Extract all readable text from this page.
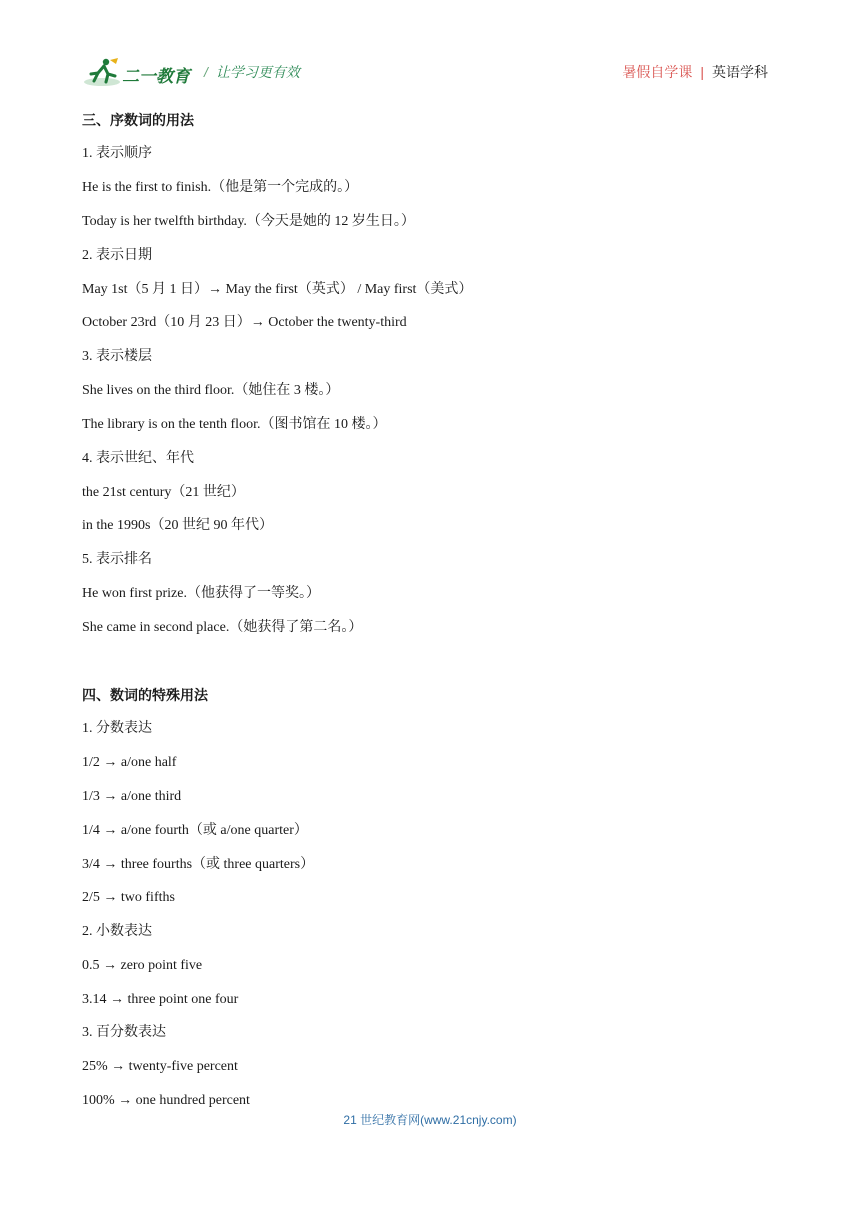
二一教育 / 让学习更有效	暑假自学课 | 英语学科
三、序数词的用法
1. 表示顺序
He is the first to finish.（他是第一个完成的。）
Today is her twelfth birthday.（今天是她的 12 岁生日。）
2. 表示日期
May 1st（5 月 1 日）→ May the first（英式） / May first（美式）
October 23rd（10 月 23 日）→ October the twenty-third
3. 表示楼层
She lives on the third floor.（她住在 3 楼。）
The library is on the tenth floor.（图书馆在 10 楼。）
4. 表示世纪、年代
the 21st century（21 世纪）
in the 1990s（20 世纪 90 年代）
5. 表示排名
He won first prize.（他获得了一等奖。）
She came in second place.（她获得了第二名。）
四、数词的特殊用法
1. 分数表达
1/2 → a/one half
1/3 → a/one third
1/4 → a/one fourth（或 a/one quarter）
3/4 → three fourths（或 three quarters）
2/5 → two fifths
2. 小数表达
0.5 → zero point five
3.14 → three point one four
3. 百分数表达
25% → twenty-five percent
100% → one hundred percent
21 世纪教育网(www.21cnjy.com)
